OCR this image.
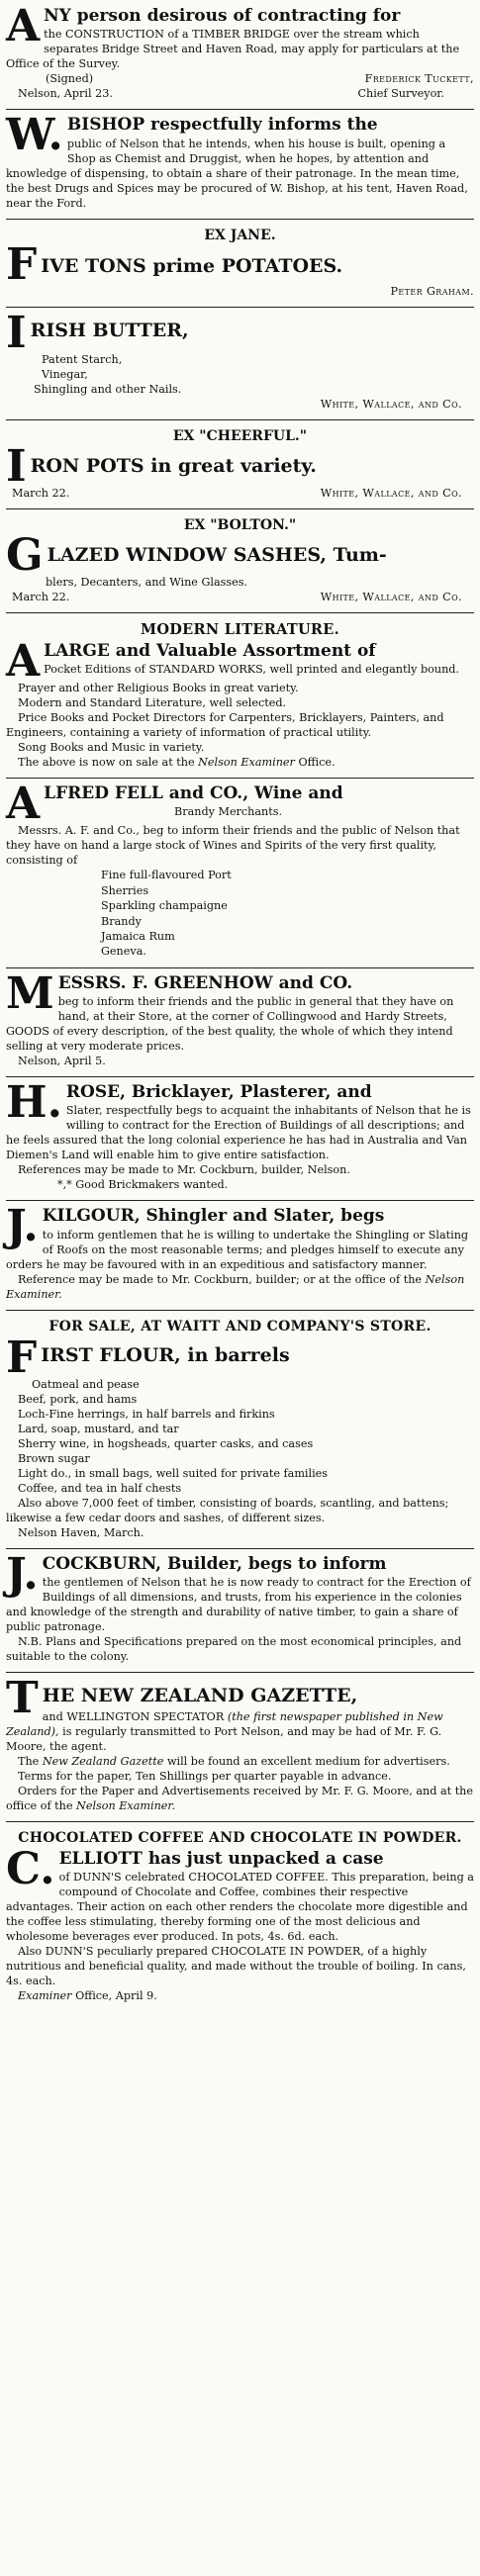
A NY person desirous of contracting for
the CONSTRUCTION of a TIMBER BRIDGE over the stream which separates Bridge Street and Haven Road, may apply for particulars at the Office of the Survey.
(Signed)	Frederick Tuckett,
Nelson, April 23.	Chief Surveyor.
W. BISHOP respectfully informs the
public of Nelson that he intends, when his house is built, opening a Shop as Chemist and Druggist, when he hopes, by attention and knowledge of dispensing, to obtain a share of their patronage. In the mean time, the best Drugs and Spices may be procured of W. Bishop, at his tent, Haven Road, near the Ford.
EX JANE.
F IVE TONS prime POTATOES.
Peter Graham.
I RISH BUTTER,
Patent Starch,
Vinegar,
Shingling and other Nails.
White, Wallace, and Co.
EX "CHEERFUL."
I RON POTS in great variety.
March 22.	White, Wallace, and Co.
EX "BOLTON."
G LAZED WINDOW SASHES, Tum-
blers, Decanters, and Wine Glasses.
March 22.	White, Wallace, and Co.
MODERN LITERATURE.
A LARGE and Valuable Assortment of
Pocket Editions of STANDARD WORKS, well printed and elegantly bound.
Prayer and other Religious Books in great variety.
Modern and Standard Literature, well selected.
Price Books and Pocket Directors for Carpenters, Bricklayers, Painters, and Engineers, containing a variety of information of practical utility.
Song Books and Music in variety.
The above is now on sale at the Nelson Examiner Office.
A LFRED FELL and CO., Wine and
Brandy Merchants.
Messrs. A. F. and Co., beg to inform their friends and the public of Nelson that they have on hand a large stock of Wines and Spirits of the very first quality, consisting of
Fine full-flavoured Port
Sherries
Sparkling champaigne
Brandy
Jamaica Rum
Geneva.
M ESSRS. F. GREENHOW and CO.
beg to inform their friends and the public in general that they have on hand, at their Store, at the corner of Collingwood and Hardy Streets, GOODS of every description, of the best quality, the whole of which they intend selling at very moderate prices.
Nelson, April 5.
H. ROSE, Bricklayer, Plasterer, and
Slater, respectfully begs to acquaint the inhabitants of Nelson that he is willing to contract for the Erection of Buildings of all descriptions; and he feels assured that the long colonial experience he has had in Australia and Van Diemen's Land will enable him to give entire satisfaction.
References may be made to Mr. Cockburn, builder, Nelson.
*,* Good Brickmakers wanted.
J. KILGOUR, Shingler and Slater, begs
to inform gentlemen that he is willing to undertake the Shingling or Slating of Roofs on the most reasonable terms; and pledges himself to execute any orders he may be favoured with in an expeditious and satisfactory manner.
Reference may be made to Mr. Cockburn, builder; or at the office of the Nelson Examiner.
FOR SALE, AT WAITT AND COMPANY'S STORE.
F IRST FLOUR, in barrels
Oatmeal and pease
Beef, pork, and hams
Loch-Fine herrings, in half barrels and firkins
Lard, soap, mustard, and tar
Sherry wine, in hogsheads, quarter casks, and cases
Brown sugar
Light do., in small bags, well suited for private families
Coffee, and tea in half chests
Also above 7,000 feet of timber, consisting of boards, scantling, and battens; likewise a few cedar doors and sashes, of different sizes.
Nelson Haven, March.
J. COCKBURN, Builder, begs to inform
the gentlemen of Nelson that he is now ready to contract for the Erection of Buildings of all dimensions, and trusts, from his experience in the colonies and knowledge of the strength and durability of native timber, to gain a share of public patronage.
N.B. Plans and Specifications prepared on the most economical principles, and suitable to the colony.
T HE NEW ZEALAND GAZETTE,
and WELLINGTON SPECTATOR (the first newspaper published in New Zealand), is regularly transmitted to Port Nelson, and may be had of Mr. F. G. Moore, the agent.
The New Zealand Gazette will be found an excellent medium for advertisers.
Terms for the paper, Ten Shillings per quarter payable in advance.
Orders for the Paper and Advertisements received by Mr. F. G. Moore, and at the office of the Nelson Examiner.
CHOCOLATED COFFEE AND CHOCOLATE IN POWDER.
C. ELLIOTT has just unpacked a case
of DUNN'S celebrated CHOCOLATED COFFEE. This preparation, being a compound of Chocolate and Coffee, combines their respective advantages. Their action on each other renders the chocolate more digestible and the coffee less stimulating, thereby forming one of the most delicious and wholesome beverages ever produced. In pots, 4s. 6d. each.
Also DUNN'S peculiarly prepared CHOCOLATE IN POWDER, of a highly nutritious and beneficial quality, and made without the trouble of boiling. In cans, 4s. each.
Examiner Office, April 9.
